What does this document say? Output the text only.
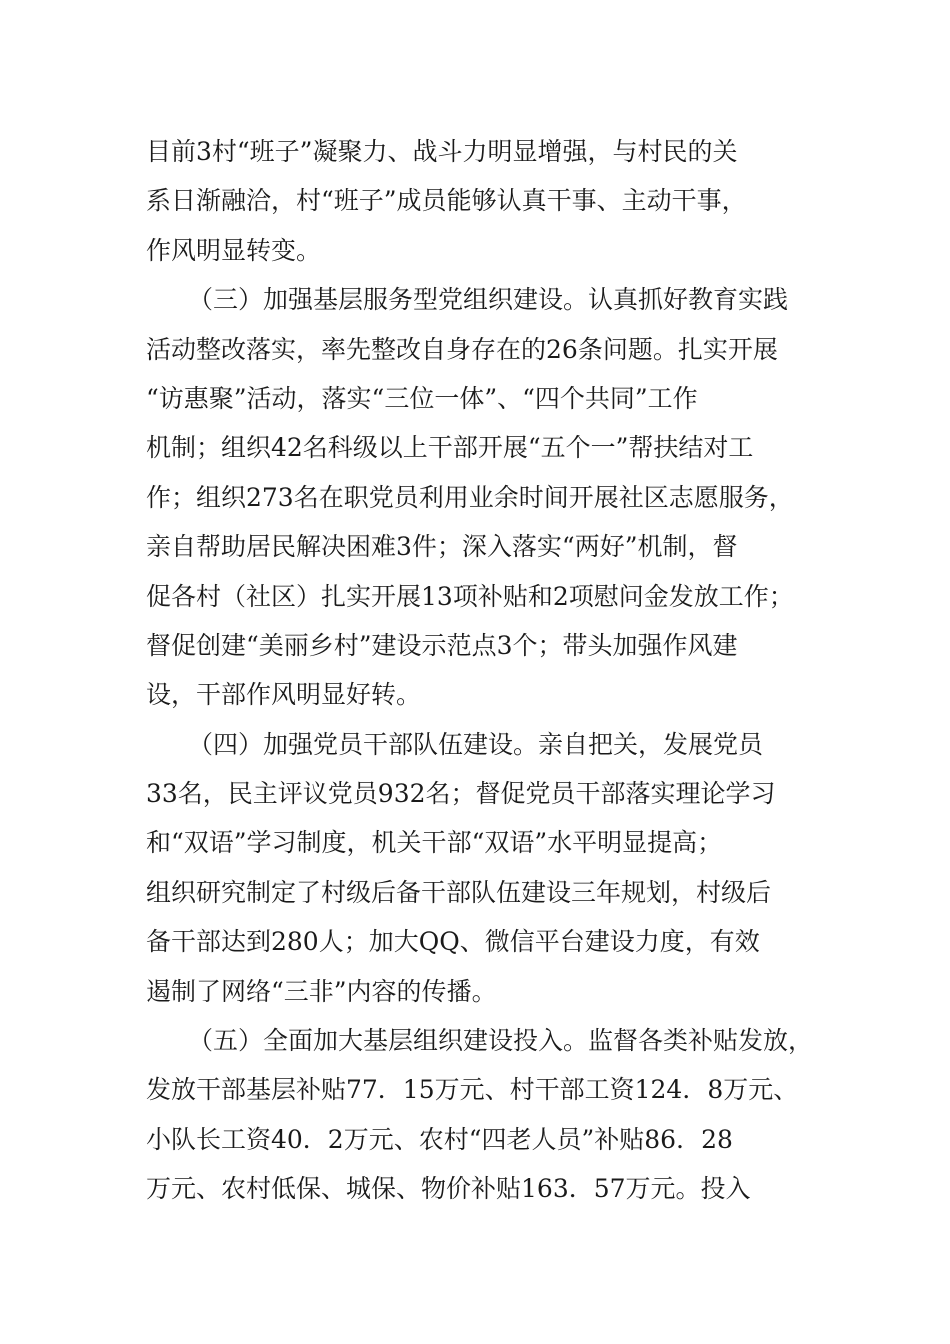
目前3村“班子”凝聚力、战斗力明显增强，与村民的关
系日渐融洽，村“班子”成员能够认真干事、主动干事，
作风明显转变。
（三）加强基层服务型党组织建设。认真抓好教育实践
活动整改落实，率先整改自身存在的26条问题。扎实开展
“访惠聚”活动，落实“三位一体”、“四个共同”工作
机制；组织42名科级以上干部开展“五个一”帮扶结对工
作；组织273名在职党员利用业余时间开展社区志愿服务，
亲自帮助居民解决困难3件；深入落实“两好”机制，督
促各村（社区）扎实开展13项补贴和2项慰问金发放工作；
督促创建“美丽乡村”建设示范点3个；带头加强作风建
设，干部作风明显好转。
（四）加强党员干部队伍建设。亲自把关，发展党员
33名，民主评议党员932名；督促党员干部落实理论学习
和“双语”学习制度，机关干部“双语”水平明显提高；
组织研究制定了村级后备干部队伍建设三年规划，村级后
备干部达到280人；加大QQ、微信平台建设力度，有效
遏制了网络“三非”内容的传播。
（五）全面加大基层组织建设投入。监督各类补贴发放，
发放干部基层补贴77．15万元、村干部工资124．8万元、
小队长工资40．2万元、农村“四老人员”补贴86．28
万元、农村低保、城保、物价补贴163．57万元。投入
